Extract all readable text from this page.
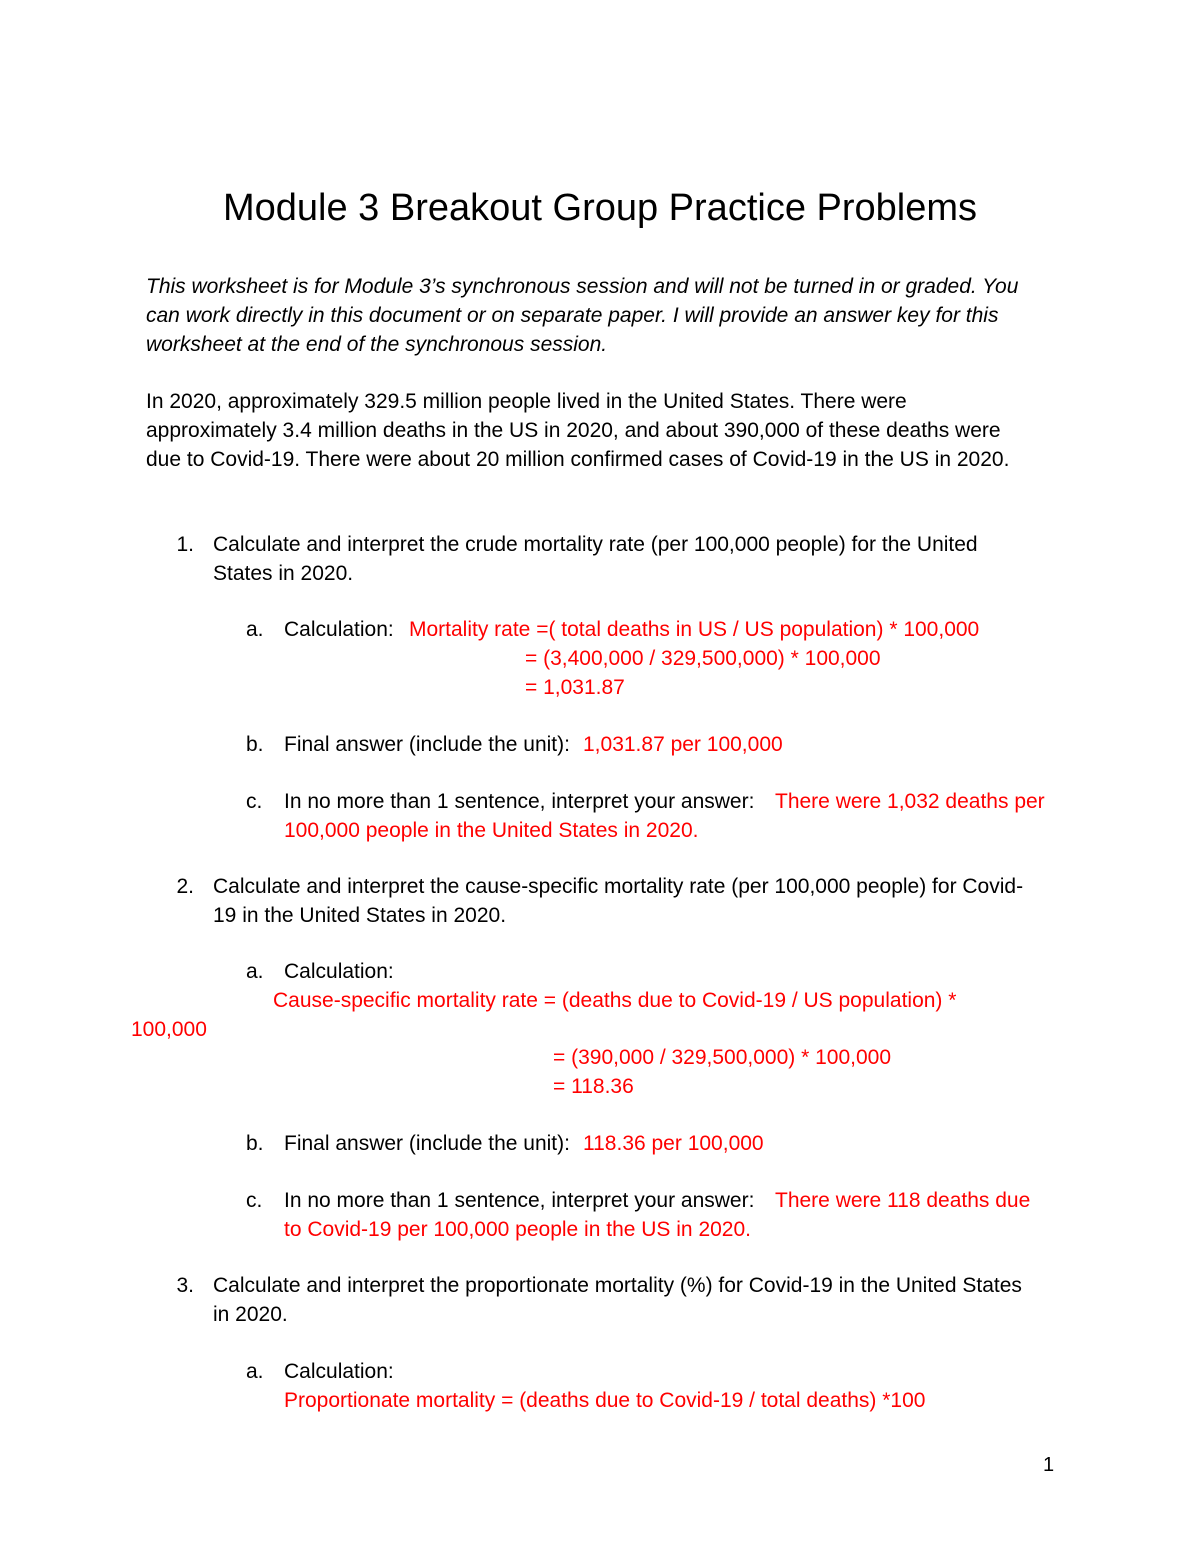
Module 3 Breakout Group Practice Problems
This worksheet is for Module 3’s synchronous session and will not be turned in or graded. You
can work directly in this document or on separate paper. I will provide an answer key for this
worksheet at the end of the synchronous session.
In 2020, approximately 329.5 million people lived in the United States. There were
approximately 3.4 million deaths in the US in 2020, and about 390,000 of these deaths were
due to Covid-19. There were about 20 million confirmed cases of Covid-19 in the US in 2020.
1. Calculate and interpret the crude mortality rate (per 100,000 people) for the United
States in 2020.
a. Calculation: Mortality rate =( total deaths in US / US population) * 100,000
= (3,400,000 / 329,500,000) * 100,000
= 1,031.87
b. Final answer (include the unit): 1,031.87 per 100,000
c.	In no more than 1 sentence, interpret your answer: There were 1,032 deaths per
100,000 people in the United States in 2020.
2. Calculate and interpret the cause-specific mortality rate (per 100,000 people) for Covid-
19 in the United States in 2020.
a. Calculation:
Cause-specific mortality rate = (deaths due to Covid-19 / US population) *
100,000
= (390,000 / 329,500,000) * 100,000
= 118.36
b. Final answer (include the unit): 118.36 per 100,000
c.	In no more than 1 sentence, interpret your answer: There were 118 deaths due
to Covid-19 per 100,000 people in the US in 2020.
3. Calculate and interpret the proportionate mortality (%) for Covid-19 in the United States
in 2020.
a. Calculation:
Proportionate mortality = (deaths due to Covid-19 / total deaths) *100
1
